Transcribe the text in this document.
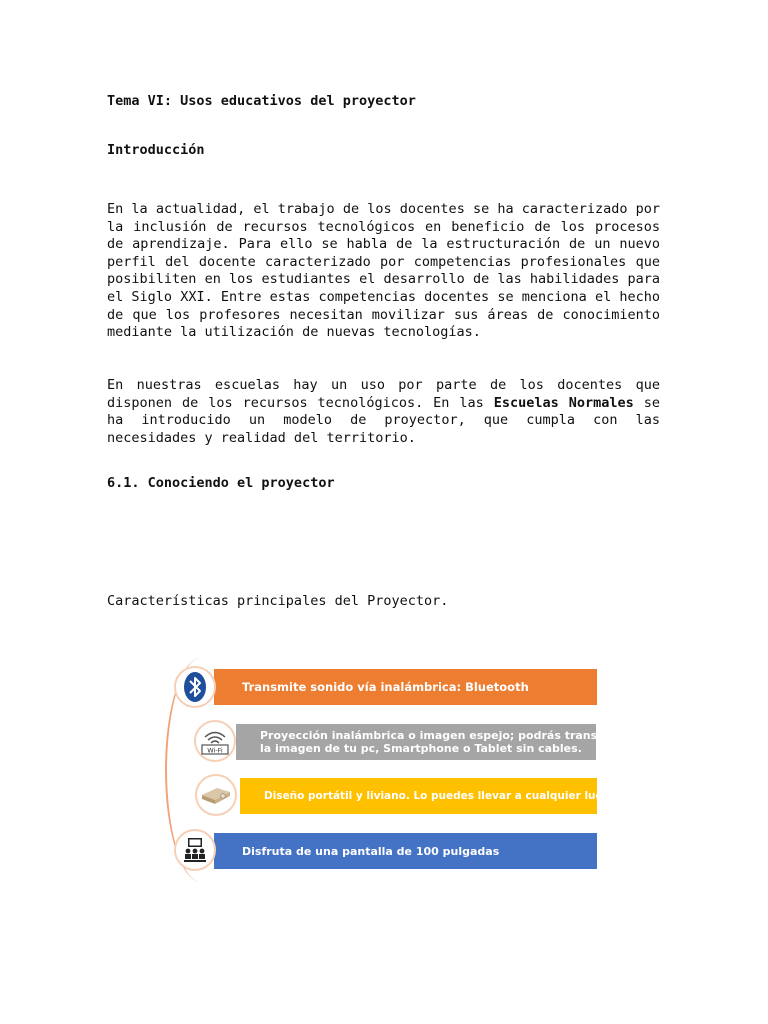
Tema VI: Usos educativos del proyector
Introducción

En la actualidad, el trabajo de los docentes se ha caracterizado por la inclusión de recursos tecnológicos en beneficio de los procesos de aprendizaje. Para ello se habla de la estructuración de un nuevo perfil del docente caracterizado por competencias profesionales que posibiliten en los estudiantes el desarrollo de las habilidades para el Siglo XXI. Entre estas competencias docentes se menciona el hecho de que los profesores necesitan movilizar sus áreas de conocimiento mediante la utilización de nuevas tecnologías.

En nuestras escuelas hay un uso por parte de los docentes que disponen de los recursos tecnológicos. En las Escuelas Normales se ha introducido un modelo de proyector, que cumpla con las necesidades y realidad del territorio.

6.1. Conociendo el proyector
Características principales del Proyector.
Transmite sonido vía inalámbrica: Bluetooth
Proyección inalámbrica o imagen espejo; podrás transferir
la imagen de tu pc, Smartphone o Tablet sin cables.
Diseño portátil y liviano. Lo puedes llevar a cualquier lugar.
Disfruta de una pantalla de 100 pulgadas
Wi-Fi
